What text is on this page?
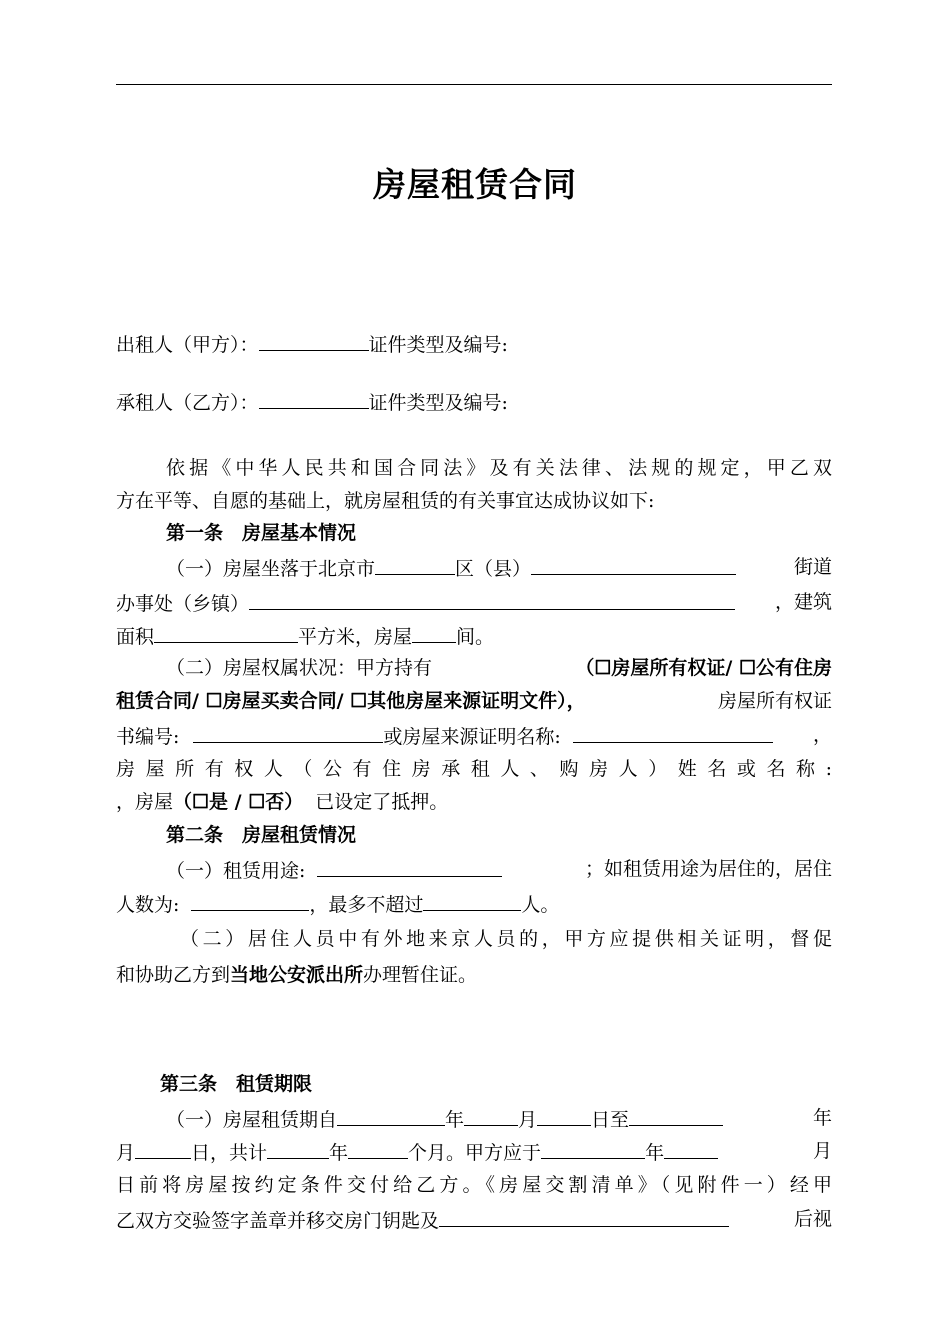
房屋租赁合同
出租人（甲方）：	证件类型及编号:
承租人（乙方）：	证件类型及编号:
依据《中华人民共和国合同法》及有关法律、法规的规定，甲乙双
方在平等、自愿的基础上，就房屋租赁的有关事宜达成协议如下:
第一条　房屋基本情况
（一）房屋坐落于北京市	区（县）	街道
办事处（乡镇）	，建筑
面积	平方米，房屋 间。
（二）房屋权属状况：甲方持有	（☐房屋所有权证/ ☐公有住房
租赁合同/ ☐房屋买卖合同/ ☐其他房屋来源证明文件），	房屋所有权证
书编号:	或房屋来源证明名称:	，
房屋所有权人（公有住房承租人、购房人）姓名或名称:
，房屋（☐是 / ☐否） 已设定了抵押。
第二条　房屋租赁情况
（一）租赁用途:	；如租赁用途为居住的，居住
人数为:	，最多不超过	人。
（二）居住人员中有外地来京人员的，甲方应提供相关证明，督促
和协助乙方到当地公安派出所办理暂住证。
第三条　租赁期限
（一）房屋租赁期自	年	月	日至	年
月	日，共计	年	个月。甲方应于	年	月
日前将房屋按约定条件交付给乙方。《房屋交割清单》（见附件一）经甲
乙双方交验签字盖章并移交房门钥匙及	后视
